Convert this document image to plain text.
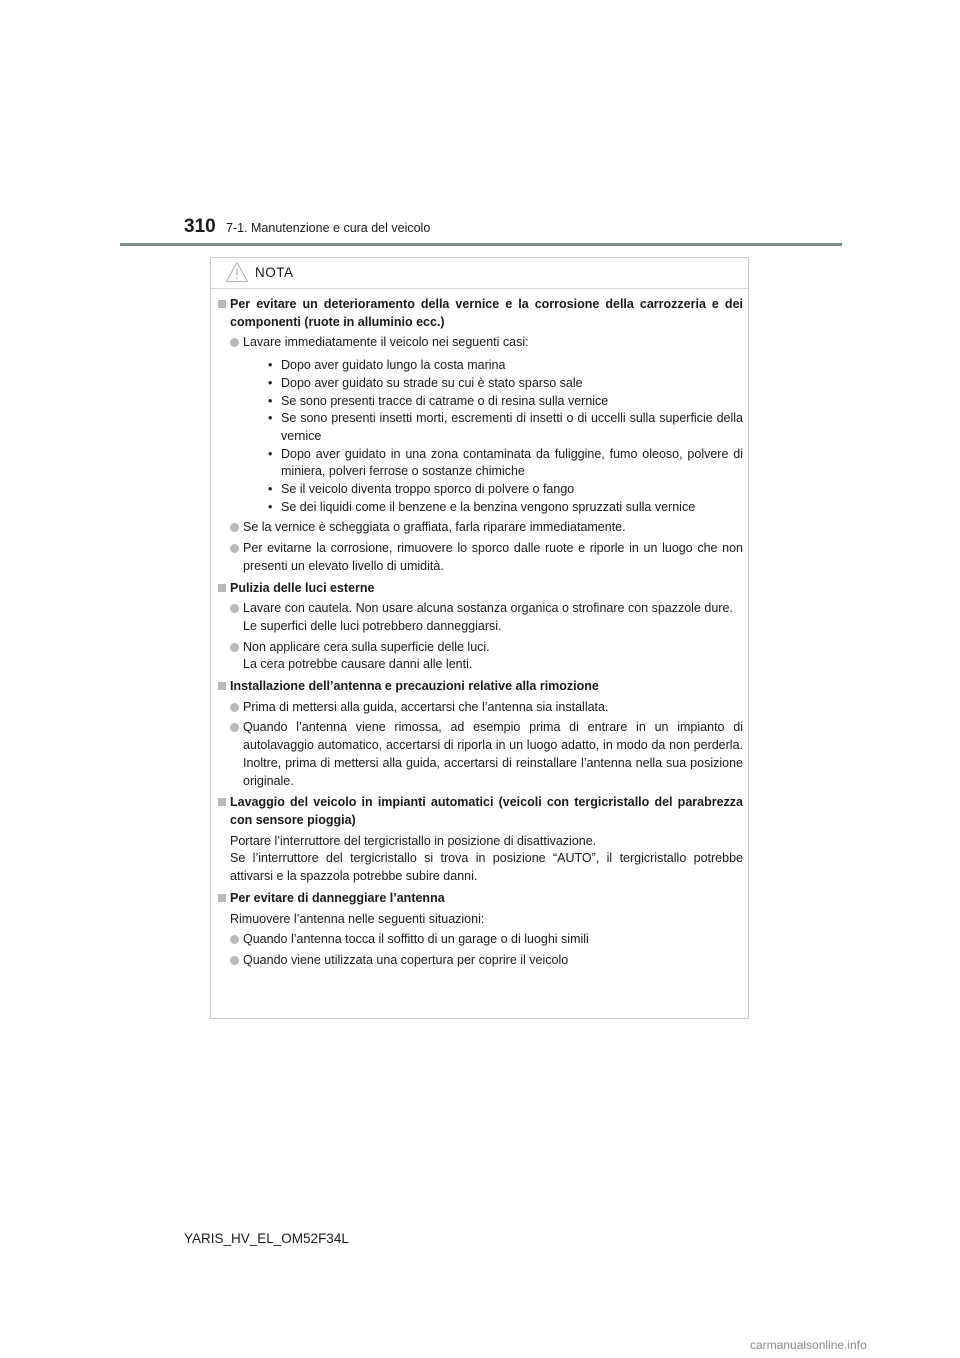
310 7-1. Manutenzione e cura del veicolo
NOTA
Per evitare un deterioramento della vernice e la corrosione della carrozzeria e dei componenti (ruote in alluminio ecc.)
Lavare immediatamente il veicolo nei seguenti casi:
• Dopo aver guidato lungo la costa marina
• Dopo aver guidato su strade su cui è stato sparso sale
• Se sono presenti tracce di catrame o di resina sulla vernice
• Se sono presenti insetti morti, escrementi di insetti o di uccelli sulla superficie della vernice
• Dopo aver guidato in una zona contaminata da fuliggine, fumo oleoso, polvere di miniera, polveri ferrose o sostanze chimiche
• Se il veicolo diventa troppo sporco di polvere o fango
• Se dei liquidi come il benzene e la benzina vengono spruzzati sulla vernice
Se la vernice è scheggiata o graffiata, farla riparare immediatamente.
Per evitarne la corrosione, rimuovere lo sporco dalle ruote e riporle in un luogo che non presenti un elevato livello di umidità.
Pulizia delle luci esterne
Lavare con cautela. Non usare alcuna sostanza organica o strofinare con spazzole dure.
Le superfici delle luci potrebbero danneggiarsi.
Non applicare cera sulla superficie delle luci.
La cera potrebbe causare danni alle lenti.
Installazione dell’antenna e precauzioni relative alla rimozione
Prima di mettersi alla guida, accertarsi che l’antenna sia installata.
Quando l’antenna viene rimossa, ad esempio prima di entrare in un impianto di autolavaggio automatico, accertarsi di riporla in un luogo adatto, in modo da non perderla. Inoltre, prima di mettersi alla guida, accertarsi di reinstallare l’antenna nella sua posizione originale.
Lavaggio del veicolo in impianti automatici (veicoli con tergicristallo del parabrezza con sensore pioggia)
Portare l’interruttore del tergicristallo in posizione di disattivazione.
Se l’interruttore del tergicristallo si trova in posizione “AUTO”, il tergicristallo potrebbe attivarsi e la spazzola potrebbe subire danni.
Per evitare di danneggiare l’antenna
Rimuovere l’antenna nelle seguenti situazioni:
Quando l’antenna tocca il soffitto di un garage o di luoghi simili
Quando viene utilizzata una copertura per coprire il veicolo
YARIS_HV_EL_OM52F34L
carmanualsonline.info
